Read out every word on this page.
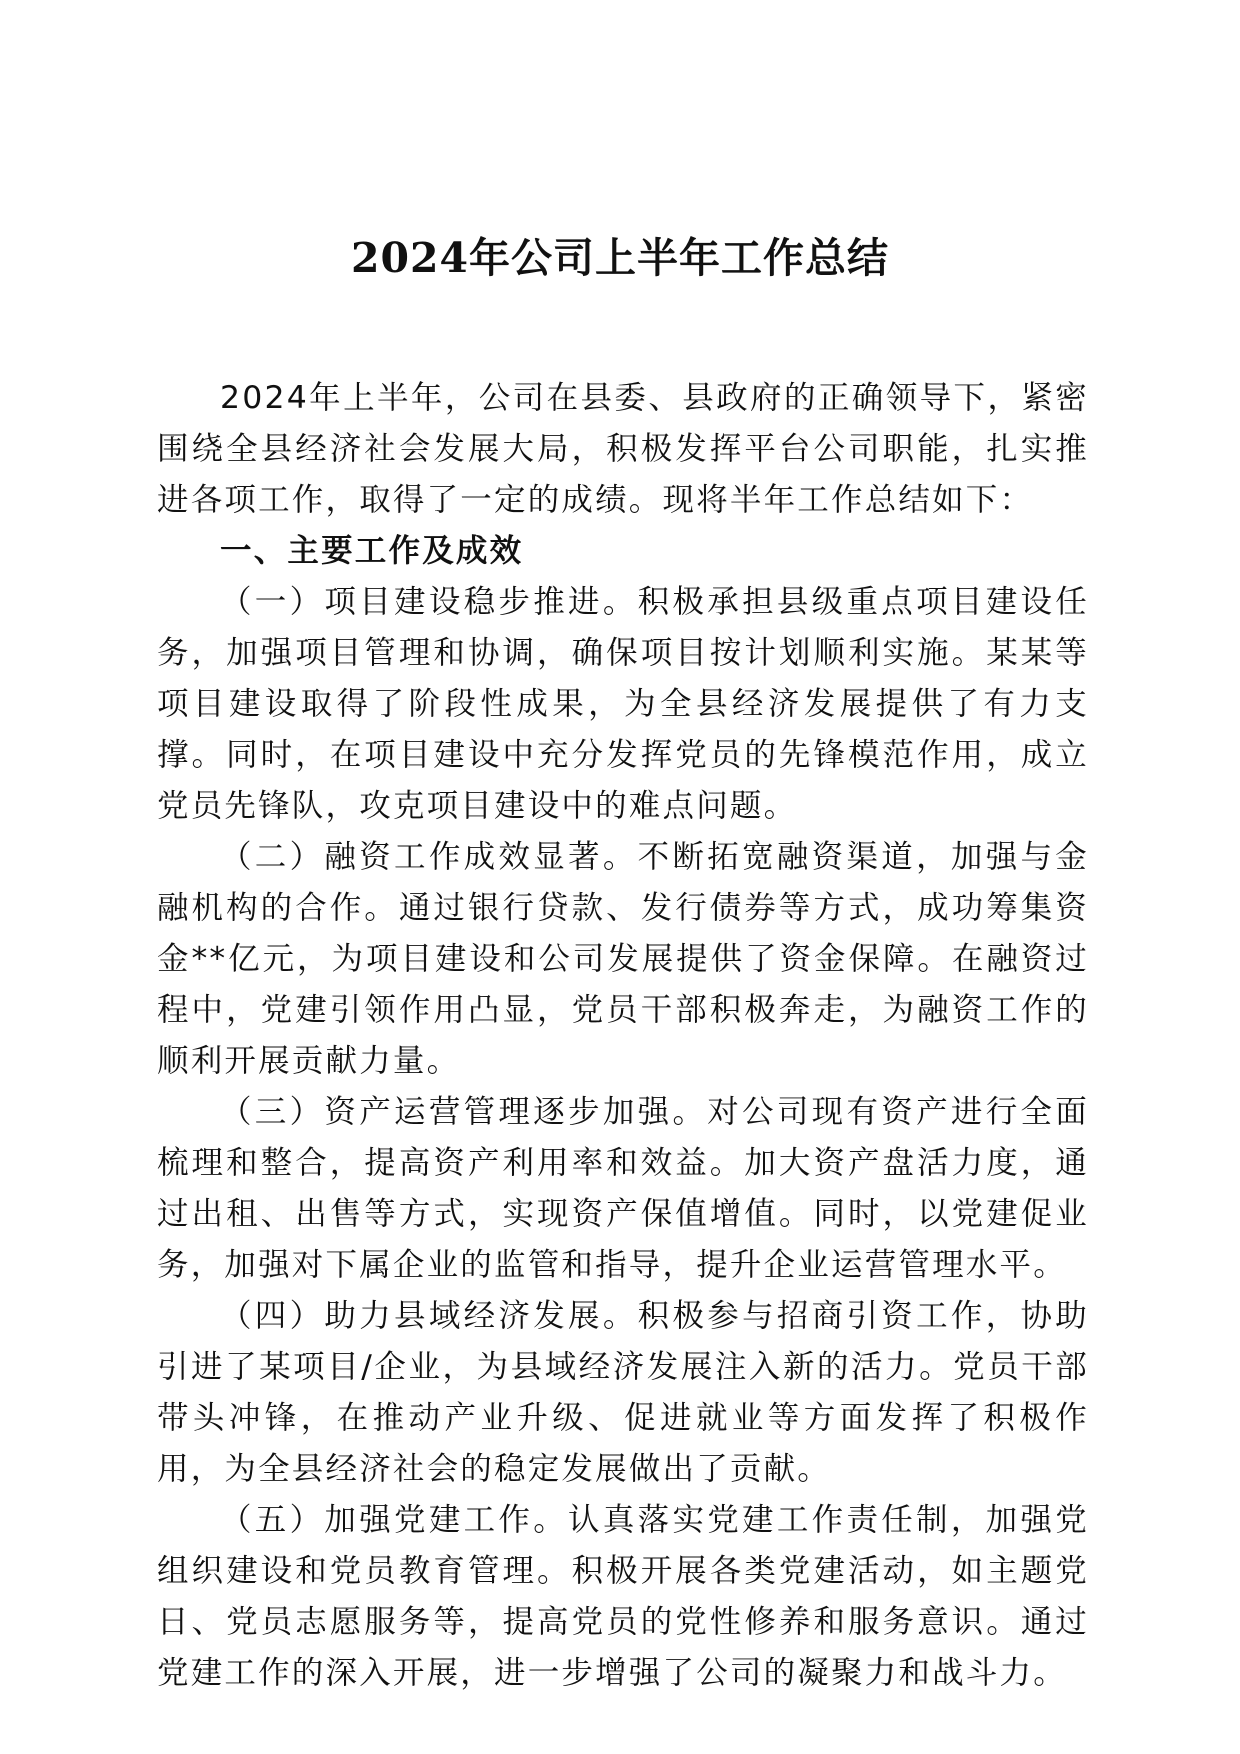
2024年公司上半年工作总结

2024年上半年，公司在县委、县政府的正确领导下，紧密围绕全县经济社会发展大局，积极发挥平台公司职能，扎实推进各项工作，取得了一定的成绩。现将半年工作总结如下：

一、主要工作及成效

（一）项目建设稳步推进。积极承担县级重点项目建设任务，加强项目管理和协调，确保项目按计划顺利实施。某某等项目建设取得了阶段性成果，为全县经济发展提供了有力支撑。同时，在项目建设中充分发挥党员的先锋模范作用，成立党员先锋队，攻克项目建设中的难点问题。

（二）融资工作成效显著。不断拓宽融资渠道，加强与金融机构的合作。通过银行贷款、发行债券等方式，成功筹集资金**亿元，为项目建设和公司发展提供了资金保障。在融资过程中，党建引领作用凸显，党员干部积极奔走，为融资工作的顺利开展贡献力量。

（三）资产运营管理逐步加强。对公司现有资产进行全面梳理和整合，提高资产利用率和效益。加大资产盘活力度，通过出租、出售等方式，实现资产保值增值。同时，以党建促业务，加强对下属企业的监管和指导，提升企业运营管理水平。

（四）助力县域经济发展。积极参与招商引资工作，协助引进了某项目/企业，为县域经济发展注入新的活力。党员干部带头冲锋，在推动产业升级、促进就业等方面发挥了积极作用，为全县经济社会的稳定发展做出了贡献。

（五）加强党建工作。认真落实党建工作责任制，加强党组织建设和党员教育管理。积极开展各类党建活动，如主题党日、党员志愿服务等，提高党员的党性修养和服务意识。通过党建工作的深入开展，进一步增强了公司的凝聚力和战斗力。
